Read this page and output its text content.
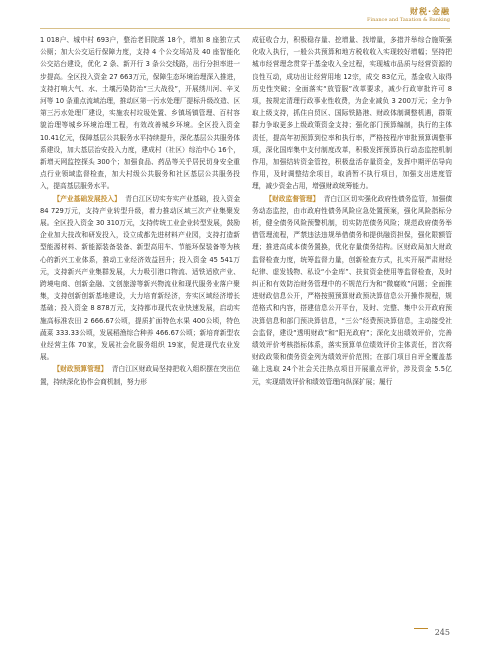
财税·金融
Finance and Taxation & Banking

1 018户、城中村 693户，整治老旧院落 18个，增加 8 座独立式公厕；加大公交运行保障力度，支持 4 个公交场站及 40 座智能化公交站台建设，优化 2 条、新开行 3 条公交线路，出行分担率进一步提高。全区投入资金 27 663万元，保障生态环境治理深入推进，支持打响大气、水、土壤污染防治“三大战役”，开展绣川河、辛叉河等 10 条重点流域治理，推动区第一污水处理厂提标升级改造、区第三污水处理厂建设，实施农村垃圾处置、乡镇场镇管理、百村容貌治理等城乡环境治理工程，有效改善城乡环境。全区投入资金 10.41亿元，保障基层公共服务水平持续提升，深化基层公共服务体系建设，加大基层治安投入力度，建成村（社区）综治中心 16个，新增天网监控探头 300个；加强食品、药品等关乎居民切身安全重点行业领域监督检查，加大村级公共服务和社区基层公共服务投入，提高基层服务水平。

【产业基础发展投入】 青白江区切实夯实产业基础，投入资金 84 729万元，支持产业转型升级，着力推动区域三次产业集聚发展。全区投入资金 30 310万元，支持传统工业企业转型发展，鼓励企业加大技改和研发投入，设立成都先进材料产业园，支持打造新型能源材料、新能源装备装备、新型高用车、节能环保装备等为核心的新兴工业体系，推动工业经济效益回升；投入资金 45 541万元，支持新兴产业集群发展，大力吸引港口物流、适铁适欧产业、跨境电商、创新金融、文创旅游等新兴物流业和现代服务业落户聚集，支持创新创新基地建设，大力培育新经济，夯实区域经济增长基础；投入资金 8 878万元，支持都市现代农业快速发展，启动实施高标准农田 2 666.67公顷，提质扩面特色水果 400公顷，特色蔬菜 333.33公顷，发展稻渔综合种养 466.67公顷；新培育新型农业经营主体 70家，发展社会化服务组织 19家，促进现代农业发展。

【财政预算管理】 青白江区财政局坚持把收入组织摆在突出位置，持续深化协作会商机制，努力形

成征收合力，积极稳存量、挖增量、找增量，多措并举综合施策强化收入执行，一般公共预算和地方税收收入实现较好增幅；坚持把城市经营理念贯穿于基金收入全过程，实现城市品质与经营资源的良性互动，成功出让经营用地 12宗，成交 83亿元，基金收入取得历史性突破；全面落实“放管服”改革要求，减少行政审批许可 8项，按规定清理行政事业性收费，为企业减负 3 200万元；全力争取上级支持，抓住自贸区、国际铁路港、财政体制调整机遇，群策群力争取更多上级政策资金支持；强化部门预算编制，执行的主体责任，提高年初预算到位率和执行率，严格按程序审批预算调整事项，深化国库集中支付制度改革，积极发挥预算执行动态监控机制作用，加强结转资金管控，积极盘活存量资金，发挥中期评估导向作用，及时调整结余项目，取消暂不执行项目，加强支出进度管理，减少资金占用，增强财政统筹能力。

【财政监督管理】 青白江区切实强化政府性债务监管，加强债务动态监控，由市政府性债务风险应急处置预案，强化风险指标分析，健全债务风险预警机制，切实防范债务风险；规范政府债务举借管理流程，严禁违法违规举借债务和提供融资担保，强化限额管理；推进高成本债务置换，优化存量债务结构。区财政局加大财政监督检查力度，统筹监督力量，创新检查方式，扎实开展严肃财经纪律、虚发钱物、私设“小金库”、扶贫资金使用等监督检查，及时纠正和有效防治财务管理中的不规范行为和“微腐败”问题；全面推进财政信息公开，严格按照预算财政预决算信息公开操作规程，规范格式和内容，搭建信息公开平台，及时、完整、集中公开政府预决算信息和部门预决算信息，“三公”经费预决算信息，主动接受社会监督，建设“透明财政”和“阳光政府”；深化支出绩效评价，完善绩效评价考核指标体系，落实预算单位绩效评价主体责任，首次将财政政策和债务资金列为绩效评价范围；在部门项目自评全覆盖基础上选取 24个社会关注热点项目开展重点评价，涉及资金 5.5亿元，实现绩效评价和绩效管理向纵深扩展；履行

245
